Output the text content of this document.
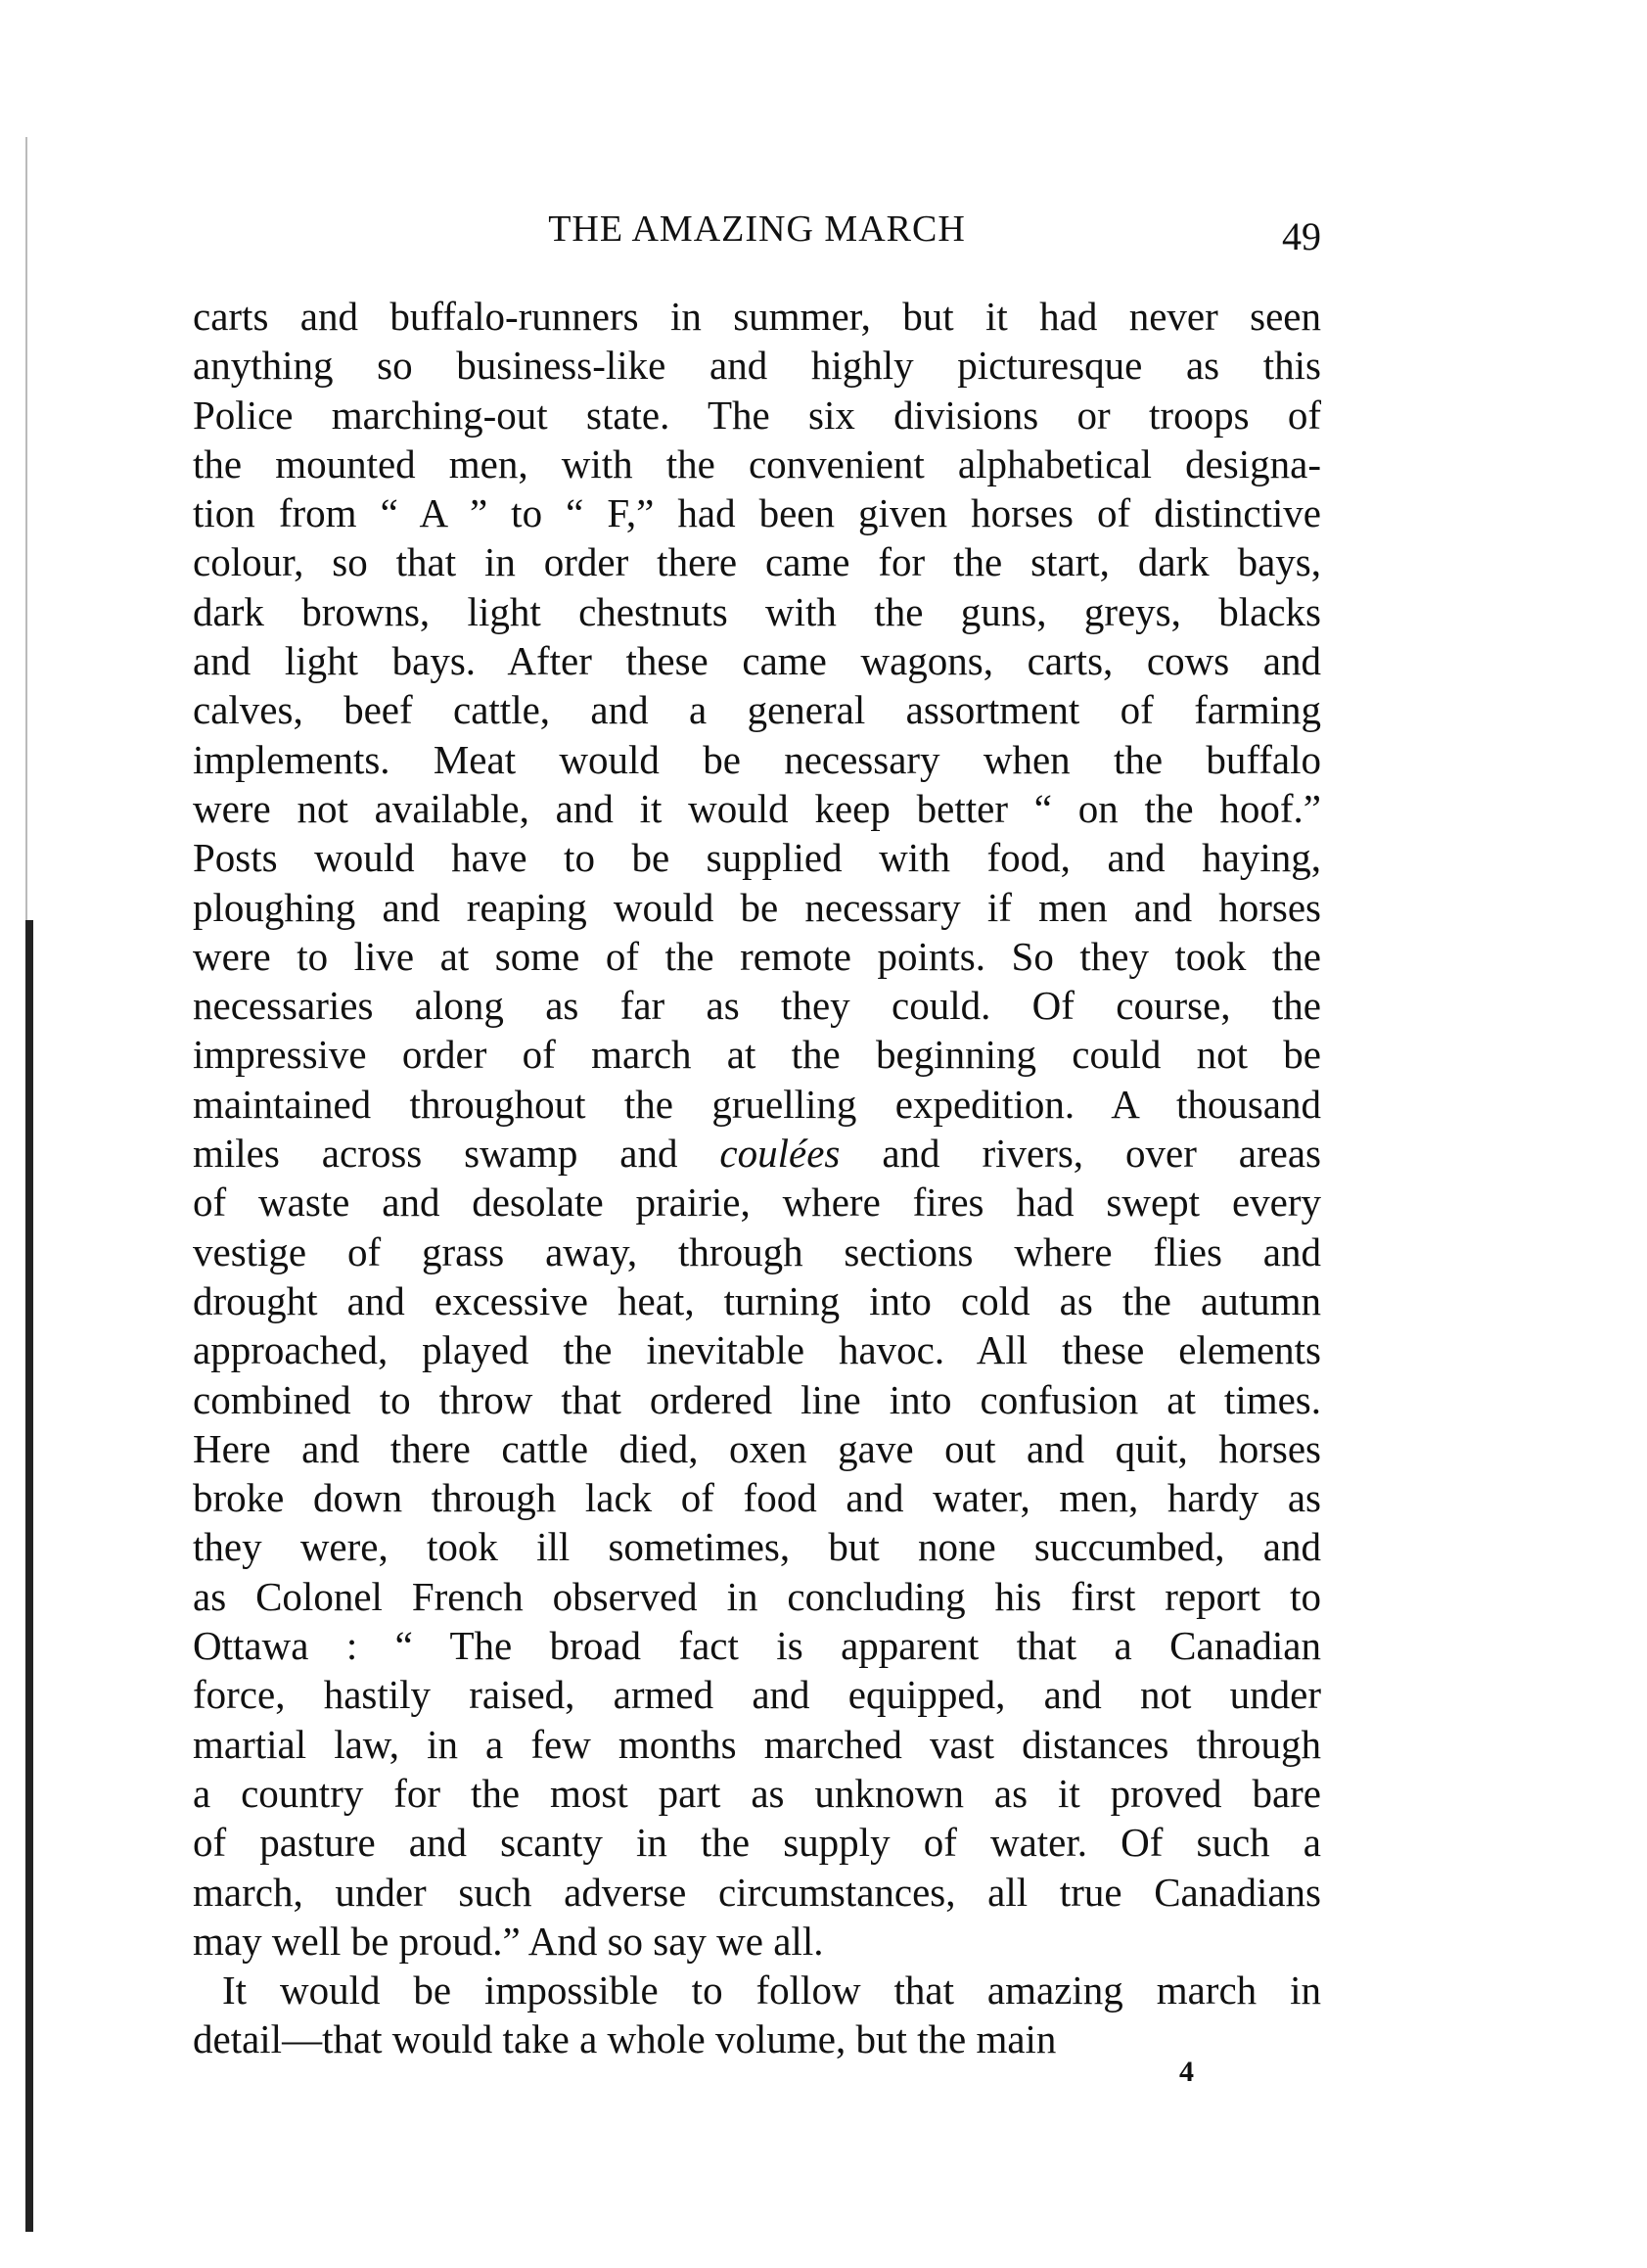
THE AMAZING MARCH	49
carts and buffalo-runners in summer, but it had never seen
anything so business-like and highly picturesque as this
Police marching-out state. The six divisions or troops of
the mounted men, with the convenient alphabetical designa-
tion from “ A ” to “ F,” had been given horses of distinctive
colour, so that in order there came for the start, dark bays,
dark browns, light chestnuts with the guns, greys, blacks
and light bays. After these came wagons, carts, cows and
calves, beef cattle, and a general assortment of farming
implements. Meat would be necessary when the buffalo
were not available, and it would keep better “ on the hoof.”
Posts would have to be supplied with food, and haying,
ploughing and reaping would be necessary if men and horses
were to live at some of the remote points. So they took the
necessaries along as far as they could. Of course, the
impressive order of march at the beginning could not be
maintained throughout the gruelling expedition. A thousand
miles across swamp and coulées and rivers, over areas
of waste and desolate prairie, where fires had swept every
vestige of grass away, through sections where flies and
drought and excessive heat, turning into cold as the autumn
approached, played the inevitable havoc. All these elements
combined to throw that ordered line into confusion at times.
Here and there cattle died, oxen gave out and quit, horses
broke down through lack of food and water, men, hardy as
they were, took ill sometimes, but none succumbed, and
as Colonel French observed in concluding his first report to
Ottawa : “ The broad fact is apparent that a Canadian
force, hastily raised, armed and equipped, and not under
martial law, in a few months marched vast distances through
a country for the most part as unknown as it proved bare
of pasture and scanty in the supply of water. Of such a
march, under such adverse circumstances, all true Canadians
may well be proud.” And so say we all.
It would be impossible to follow that amazing march in
detail—that would take a whole volume, but the main
4
